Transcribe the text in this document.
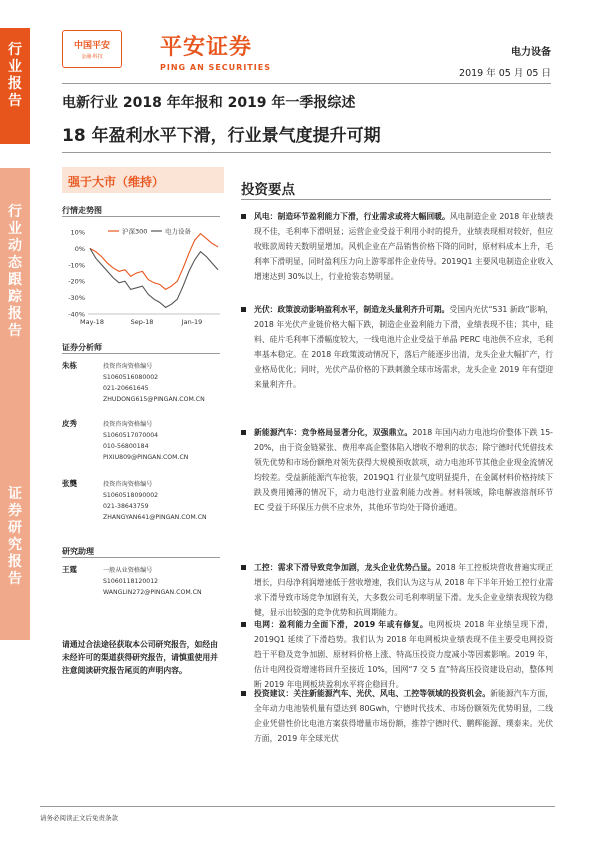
行业报告
行业动态跟踪报告
证券研究报告
中国平安
金融·科技	平安证券
PING AN SECURITIES
电力设备
2019 年 05 月 05 日
电新行业 2018 年年报和 2019 年一季报综述
18 年盈利水平下滑，行业景气度提升可期
强于大市（维持）
行情走势图
10%
0%
-10%
-20%
-30%
-40%
May-18	Sep-18	Jan-19
沪深300	电力设备
证券分析师
朱栋	投资咨询资格编号
S1060516080002
021-20661645
ZHUDONG615@PINGAN.COM.CN
皮秀	投资咨询资格编号
S1060517070004
010-56800184
PIXIU809@PINGAN.COM.CN
张龑	投资咨询资格编号
S1060518090002
021-38643759
ZHANGYAN641@PINGAN.COM.CN
研究助理
王霆	一般从业资格编号
S1060118120012
WANGLIN272@PINGAN.COM.CN
请通过合法途径获取本公司研究报告，如经由未经许可的渠道获得研究报告，请慎重使用并注意阅读研究报告尾页的声明内容。
投资要点
风电：制造环节盈利能力下滑，行业需求或将大幅回暖。风电制造企业 2018 年业绩表现不佳，毛利率下滑明显；运营企业受益于利用小时的提升，业绩表现相对较好，但应收账款周转天数明显增加。风机企业在产品销售价格下降的同时，原材料成本上升，毛利率下滑明显，同时盈利压力向上游零部件企业传导。2019Q1 主要风电制造企业收入增速达到 30%以上，行业抢装态势明显。
光伏：政策波动影响盈利水平，制造龙头量利齐升可期。受国内光伏“531 新政”影响，2018 年光伏产业链价格大幅下跌，制造企业盈利能力下滑，业绩表现不佳；其中，硅料、硅片毛利率下滑幅度较大，一线电池片企业受益于单晶 PERC 电池供不应求，毛利率基本稳定。在 2018 年政策波动情况下，落后产能逐步出清，龙头企业大幅扩产，行业格局优化；同时，光伏产品价格的下跌刺激全球市场需求，龙头企业 2019 年有望迎来量利齐升。
新能源汽车：竞争格局显著分化，双强鼎立。2018 年国内动力电池均价整体下跌 15-20%，由于资金链紧张、费用率高企整体陷入增收不增利的状态；除宁德时代凭借技术领先优势和市场份额绝对领先获得大规模预收款项，动力电池环节其他企业现金流情况均较差。受益新能源汽车抢装，2019Q1 行业景气度明显提升，在金属材料价格持续下跌及费用摊薄的情况下，动力电池行业盈利能力改善。材料领域，除电解液溶剂环节 EC 受益于环保压力供不应求外，其他环节均处于降价通道。
工控：需求下滑导致竞争加剧，龙头企业优势凸显。2018 年工控板块营收普遍实现正增长，归母净利润增速低于营收增速，我们认为这与从 2018 年下半年开始工控行业需求下滑导致市场竞争加剧有关，大多数公司毛利率明显下滑。龙头企业业绩表现较为稳健，显示出较强的竞争优势和抗周期能力。
电网：盈利能力全面下滑，2019 年或有修复。电网板块 2018 年业绩呈现下滑，2019Q1 延续了下滑趋势。我们认为 2018 年电网板块业绩表现不佳主要受电网投资趋于平稳及竞争加剧、原材料价格上涨、特高压投资力度减小等因素影响。2019 年，估计电网投资增速将回升至接近 10%，国网“7 交 5 直”特高压投资建设启动，整体判断 2019 年电网板块盈利水平将企稳回升。
投资建议：关注新能源汽车、光伏、风电、工控等领域的投资机会。新能源汽车方面，全年动力电池装机量有望达到 80Gwh，宁德时代技术、市场份额领先优势明显，二线企业凭借性价比电池方案获得增量市场份额，推荐宁德时代、鹏辉能源、璞泰来。光伏方面，2019 年全球光伏
请务必阅读正文后免责条款
